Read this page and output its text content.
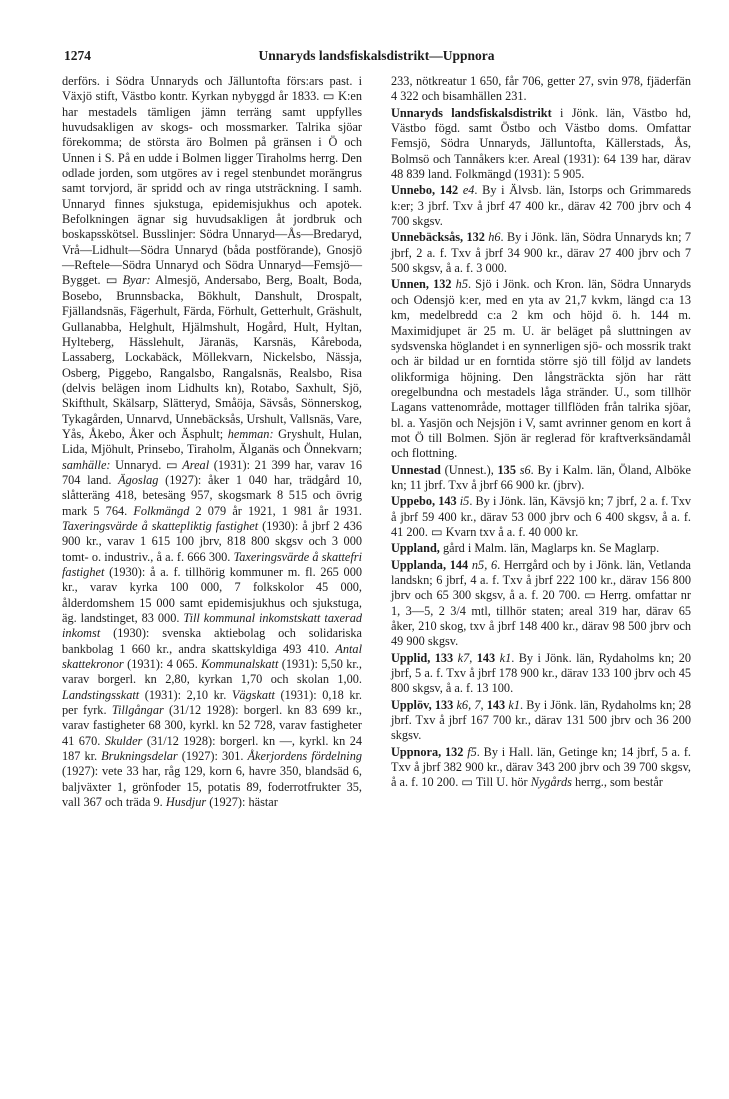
1274	Unnaryds landsfiskalsdistrikt—Uppnora

derförs. i Södra Unnaryds och Jälluntofta förs:ars past. i Växjö stift, Västbo kontr. Kyrkan nybyggd år 1833. ▭ K:en har mestadels tämligen jämn terräng samt uppfylles huvudsakligen av skogs- och mossmarker. Talrika sjöar förekomma; de största äro Bolmen på gränsen i Ö och Unnen i S. På en udde i Bolmen ligger Tiraholms herrg. Den odlade jorden, som utgöres av i regel stenbundet morängrus samt torvjord, är spridd och av ringa utsträckning. I samh. Unnaryd finnes sjukstuga, epidemisjukhus och apotek. Befolkningen ägnar sig huvudsakligen åt jordbruk och boskapsskötsel. Busslinjer: Södra Unnaryd—Ås—Bredaryd, Vrå—Lidhult—Södra Unnaryd (båda postförande), Gnosjö—Reftele—Södra Unnaryd och Södra Unnaryd—Femsjö—Bygget. ▭ Byar: Almesjö, Andersabo, Berg, Boalt, Boda, Bosebo, Brunnsbacka, Bökhult, Danshult, Drospalt, Fjällandsnäs, Fägerhult, Färda, Förhult, Getterhult, Gräshult, Gullanabba, Helghult, Hjälmshult, Hogård, Hult, Hyltan, Hylteberg, Hässlehult, Järanäs, Karsnäs, Kåreboda, Lassaberg, Lockabäck, Möllekvarn, Nickelsbo, Nässja, Osberg, Piggebo, Rangalsbo, Rangalsnäs, Realsbo, Risa (delvis belägen inom Lidhults kn), Rotabo, Saxhult, Sjö, Skifthult, Skälsarp, Slätteryd, Småöja, Sävsås, Sönnerskog, Tykagården, Unnarvd, Unnebäcksås, Urshult, Vallsnäs, Vare, Yås, Åkebo, Åker och Äsphult; hemman: Gryshult, Hulan, Lida, Mjöhult, Prinsebo, Tiraholm, Älganäs och Önnekvarn; samhälle: Unnaryd. ▭ Areal (1931): 21 399 har, varav 16 704 land. Ägoslag (1927): åker 1 040 har, trädgård 10, slåtteräng 418, betesäng 957, skogsmark 8 515 och övrig mark 5 764. Folkmängd 2 079 år 1921, 1 981 år 1931. Taxeringsvärde å skattepliktig fastighet (1930): å jbrf 2 436 900 kr., varav 1 615 100 jbrv, 818 800 skgsv och 3 000 tomt- o. industriv., å a. f. 666 300. Taxeringsvärde å skattefri fastighet (1930): å a. f. tillhörig kommuner m. fl. 265 000 kr., varav kyrka 100 000, 7 folkskolor 45 000, ålderdomshem 15 000 samt epidemisjukhus och sjukstuga, äg. landstinget, 83 000. Till kommunal inkomstskatt taxerad inkomst (1930): svenska aktiebolag och solidariska bankbolag 1 660 kr., andra skattskyldiga 493 410. Antal skattekronor (1931): 4 065. Kommunalskatt (1931): 5,50 kr., varav borgerl. kn 2,80, kyrkan 1,70 och skolan 1,00. Landstingsskatt (1931): 2,10 kr. Vägskatt (1931): 0,18 kr. per fyrk. Tillgångar (31/12 1928): borgerl. kn 83 699 kr., varav fastigheter 68 300, kyrkl. kn 52 728, varav fastigheter 41 670. Skulder (31/12 1928): borgerl. kn —, kyrkl. kn 24 187 kr. Brukningsdelar (1927): 301. Åkerjordens fördelning (1927): vete 33 har, råg 129, korn 6, havre 350, blandsäd 6, baljväxter 1, grönfoder 15, potatis 89, foderrotfrukter 35, vall 367 och träda 9. Husdjur (1927): hästar

233, nötkreatur 1 650, får 706, getter 27, svin 978, fjäderfän 4 322 och bisamhällen 231.

Unnaryds landsfiskalsdistrikt i Jönk. län, Västbo hd, Västbo fögd. samt Östbo och Västbo doms. Omfattar Femsjö, Södra Unnaryds, Jälluntofta, Källerstads, Ås, Bolmsö och Tannåkers k:er. Areal (1931): 64 139 har, därav 48 839 land. Folkmängd (1931): 5 905.

Unnebo, 142 e4. By i Älvsb. län, Istorps och Grimmareds k:er; 3 jbrf. Txv å jbrf 47 400 kr., därav 42 700 jbrv och 4 700 skgsv.

Unnebäcksås, 132 h6. By i Jönk. län, Södra Unnaryds kn; 7 jbrf, 2 a. f. Txv å jbrf 34 900 kr., därav 27 400 jbrv och 7 500 skgsv, å a. f. 3 000.

Unnen, 132 h5. Sjö i Jönk. och Kron. län, Södra Unnaryds och Odensjö k:er, med en yta av 21,7 kvkm, längd c:a 13 km, medelbredd c:a 2 km och höjd ö. h. 144 m. Maximidjupet är 25 m. U. är beläget på sluttningen av sydsvenska höglandet i en synnerligen sjö- och mossrik trakt och är bildad ur en forntida större sjö till följd av landets olikformiga höjning. Den långsträckta sjön har rätt oregelbundna och mestadels låga stränder. U., som tillhör Lagans vattenområde, mottager tillflöden från talrika sjöar, bl. a. Yasjön och Nejsjön i V, samt avrinner genom en kort å mot Ö till Bolmen. Sjön är reglerad för kraftverksändamål och flottning.

Unnestad (Unnest.), 135 s6. By i Kalm. län, Öland, Alböke kn; 11 jbrf. Txv å jbrf 66 900 kr. (jbrv).

Uppebo, 143 i5. By i Jönk. län, Kävsjö kn; 7 jbrf, 2 a. f. Txv å jbrf 59 400 kr., därav 53 000 jbrv och 6 400 skgsv, å a. f. 41 200. ▭ Kvarn txv å a. f. 40 000 kr.

Uppland, gård i Malm. län, Maglarps kn. Se Maglarp.

Upplanda, 144 n5, 6. Herrgård och by i Jönk. län, Vetlanda landskn; 6 jbrf, 4 a. f. Txv å jbrf 222 100 kr., därav 156 800 jbrv och 65 300 skgsv, å a. f. 20 700. ▭ Herrg. omfattar nr 1, 3—5, 2 3/4 mtl, tillhör staten; areal 319 har, därav 65 åker, 210 skog, txv å jbrf 148 400 kr., därav 98 500 jbrv och 49 900 skgsv.

Upplid, 133 k7, 143 k1. By i Jönk. län, Rydaholms kn; 20 jbrf, 5 a. f. Txv å jbrf 178 900 kr., därav 133 100 jbrv och 45 800 skgsv, å a. f. 13 100.

Upplöv, 133 k6, 7, 143 k1. By i Jönk. län, Rydaholms kn; 28 jbrf. Txv å jbrf 167 700 kr., därav 131 500 jbrv och 36 200 skgsv.

Uppnora, 132 f5. By i Hall. län, Getinge kn; 14 jbrf, 5 a. f. Txv å jbrf 382 900 kr., därav 343 200 jbrv och 39 700 skgsv, å a. f. 10 200. ▭ Till U. hör Nygårds herrg., som består
